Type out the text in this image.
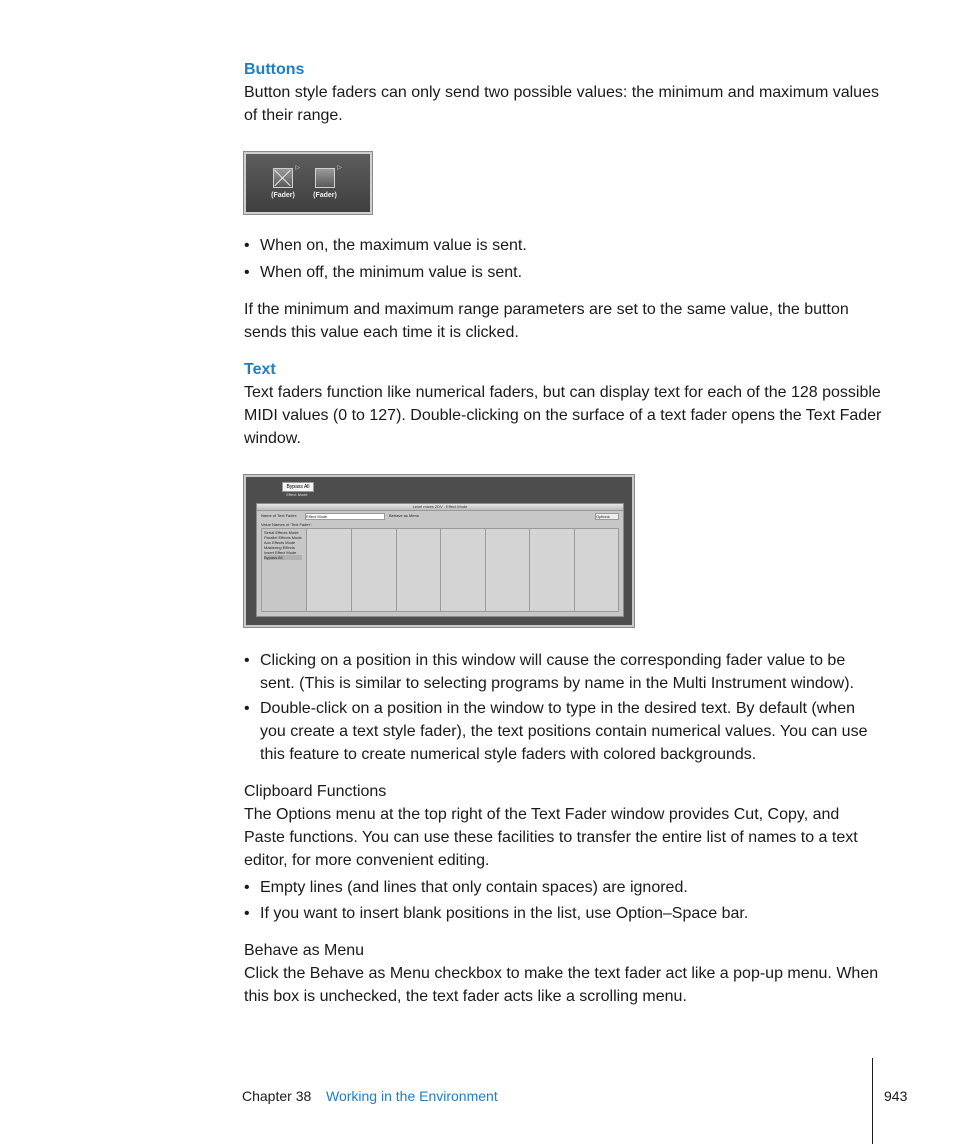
Buttons

Button style faders can only send two possible values: the minimum and maximum values of their range.

(Fader)
▷
(Fader)
▷
• When on, the maximum value is sent.
• When off, the minimum value is sent.

If the minimum and maximum range parameters are set to the same value, the button sends this value each time it is clicked.

Text

Text faders function like numerical faders, but can display text for each of the 128 possible MIDI values (0 to 127). Double-clicking on the surface of a text fader opens the Text Fader window.

Bypass All
Effect Mode
Level mixes 2DV : Effect Mode
Name of Text Fader: Effect Mode	Behave as Menu	Options
Value Names of 'Text Fader':
Serial Effects Mode
Parallel Effects Mode
Aux Effects Mode
Mastering Effects
Insert Effect Mode
Bypass All
• Clicking on a position in this window will cause the corresponding fader value to be sent. (This is similar to selecting programs by name in the Multi Instrument window).
• Double-click on a position in the window to type in the desired text. By default (when you create a text style fader), the text positions contain numerical values. You can use this feature to create numerical style faders with colored backgrounds.
Clipboard Functions

The Options menu at the top right of the Text Fader window provides Cut, Copy, and Paste functions. You can use these facilities to transfer the entire list of names to a text editor, for more convenient editing.

• Empty lines (and lines that only contain spaces) are ignored.
• If you want to insert blank positions in the list, use Option–Space bar.
Behave as Menu

Click the Behave as Menu checkbox to make the text fader act like a pop-up menu. When this box is unchecked, the text fader acts like a scrolling menu.

Chapter 38 Working in the Environment	943
